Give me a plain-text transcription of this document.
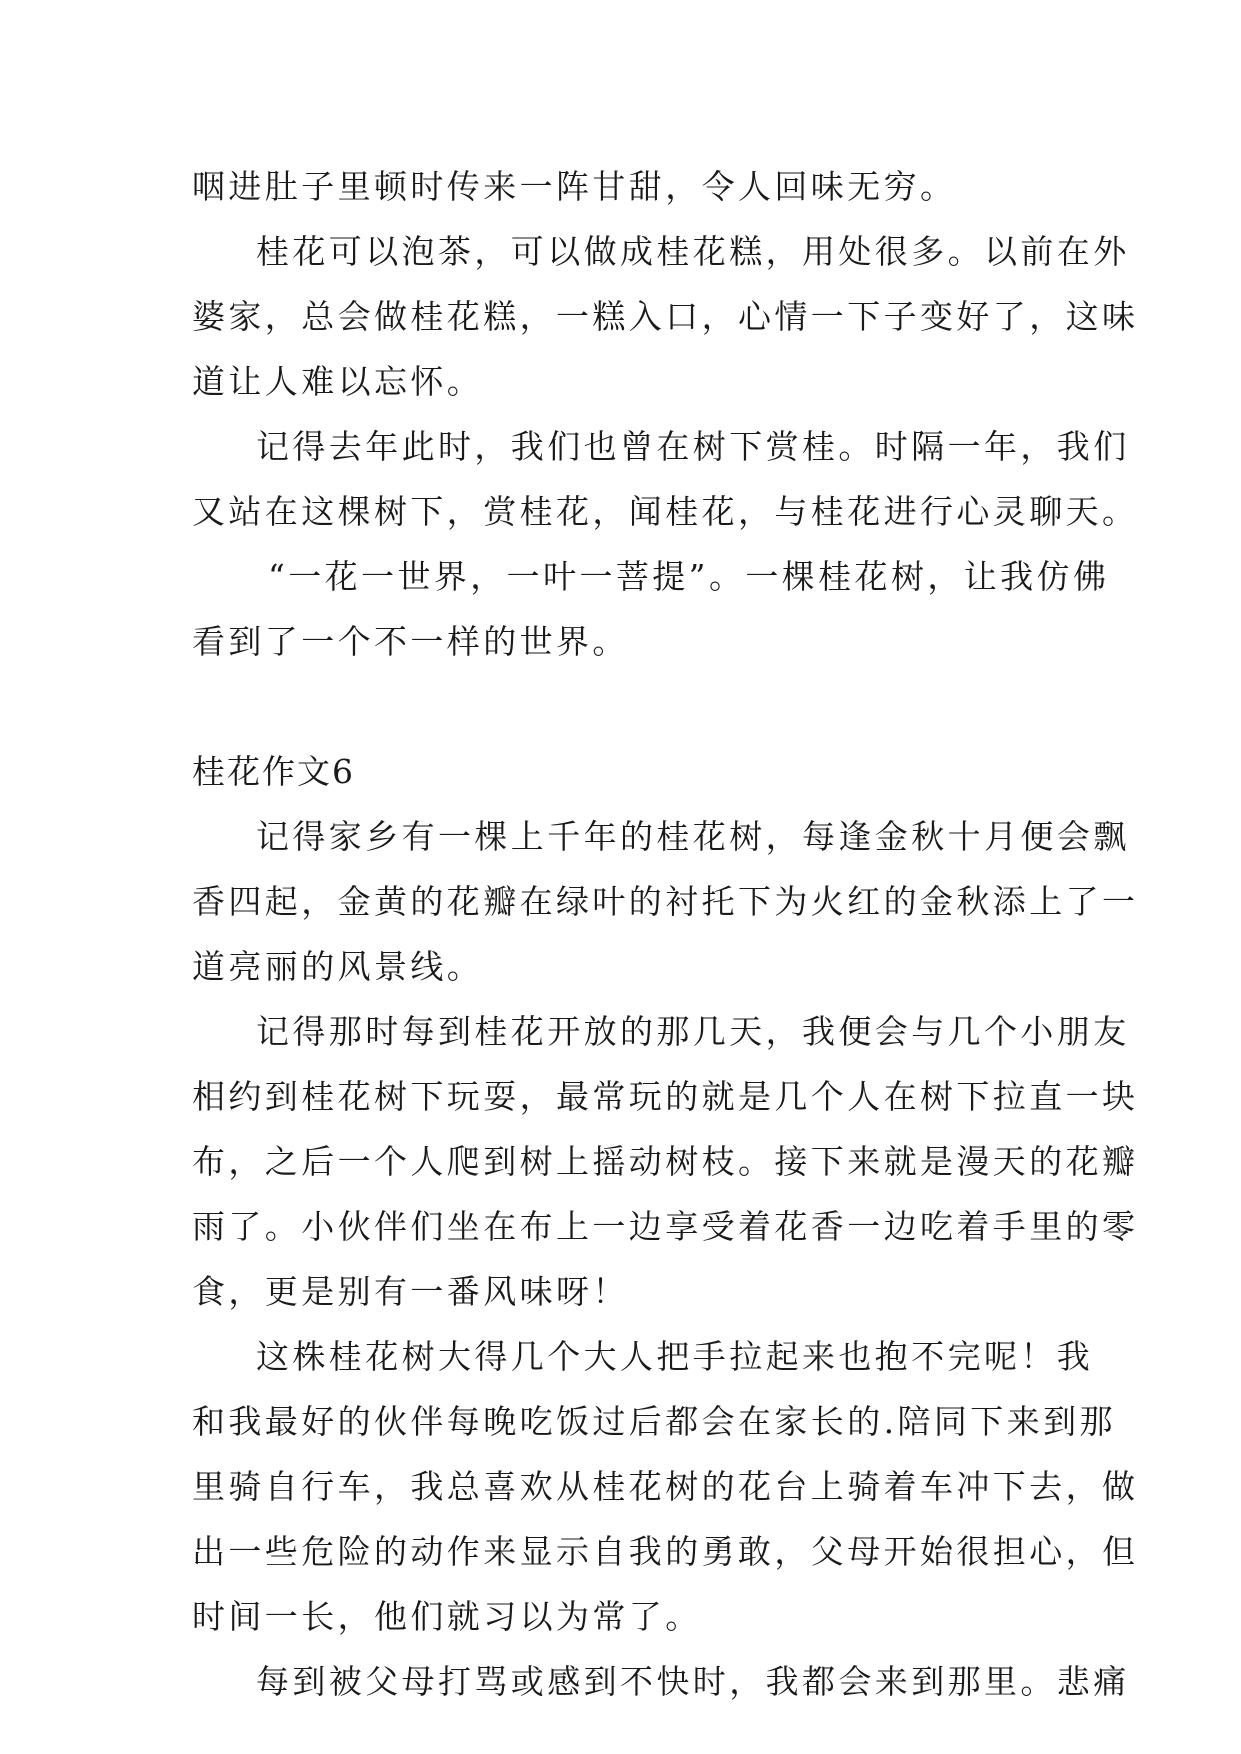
咽进肚子里顿时传来一阵甘甜，令人回味无穷。
桂花可以泡茶，可以做成桂花糕，用处很多。以前在外
婆家，总会做桂花糕，一糕入口，心情一下子变好了，这味
道让人难以忘怀。
记得去年此时，我们也曾在树下赏桂。时隔一年，我们
又站在这棵树下，赏桂花，闻桂花，与桂花进行心灵聊天。
“一花一世界，一叶一菩提”。一棵桂花树，让我仿佛
看到了一个不一样的世界。
桂花作文6
记得家乡有一棵上千年的桂花树，每逢金秋十月便会飘
香四起，金黄的花瓣在绿叶的衬托下为火红的金秋添上了一
道亮丽的风景线。
记得那时每到桂花开放的那几天，我便会与几个小朋友
相约到桂花树下玩耍，最常玩的就是几个人在树下拉直一块
布，之后一个人爬到树上摇动树枝。接下来就是漫天的花瓣
雨了。小伙伴们坐在布上一边享受着花香一边吃着手里的零
食，更是别有一番风味呀！
这株桂花树大得几个大人把手拉起来也抱不完呢！我
和我最好的伙伴每晚吃饭过后都会在家长的.陪同下来到那
里骑自行车，我总喜欢从桂花树的花台上骑着车冲下去，做
出一些危险的动作来显示自我的勇敢，父母开始很担心，但
时间一长，他们就习以为常了。
每到被父母打骂或感到不快时，我都会来到那里。悲痛
